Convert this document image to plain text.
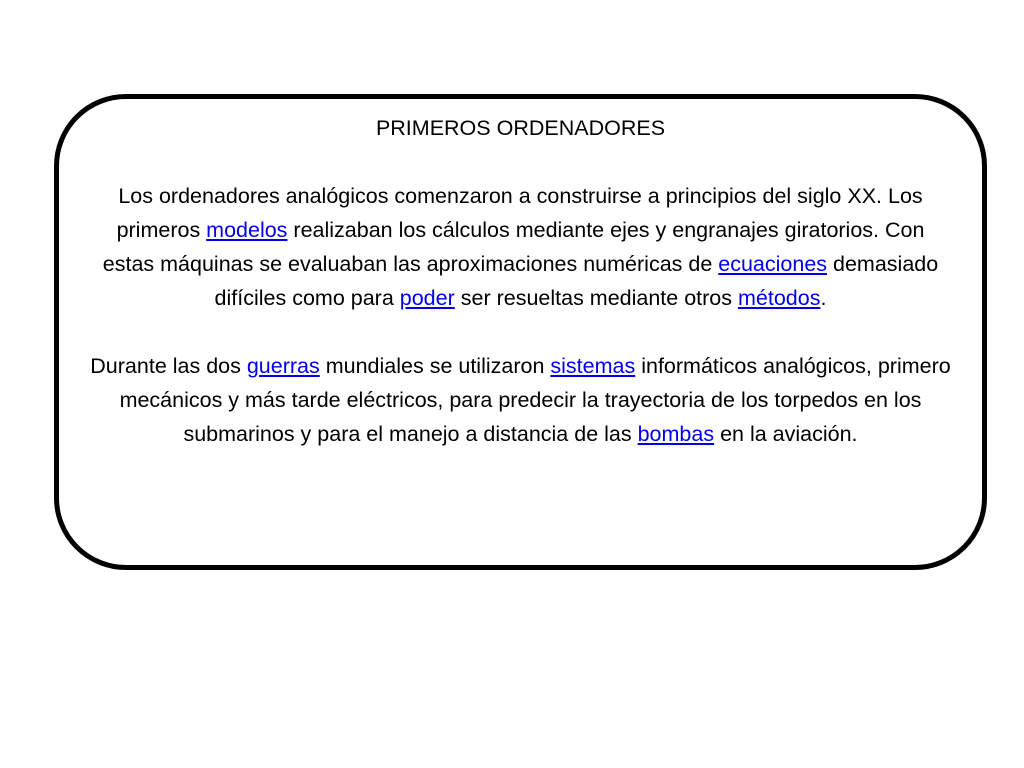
PRIMEROS ORDENADORES

Los ordenadores analógicos comenzaron a construirse a principios del siglo XX. Los primeros modelos realizaban los cálculos mediante ejes y engranajes giratorios. Con estas máquinas se evaluaban las aproximaciones numéricas de ecuaciones demasiado difíciles como para poder ser resueltas mediante otros métodos.

Durante las dos guerras mundiales se utilizaron sistemas informáticos analógicos, primero mecánicos y más tarde eléctricos, para predecir la trayectoria de los torpedos en los submarinos y para el manejo a distancia de las bombas en la aviación.
